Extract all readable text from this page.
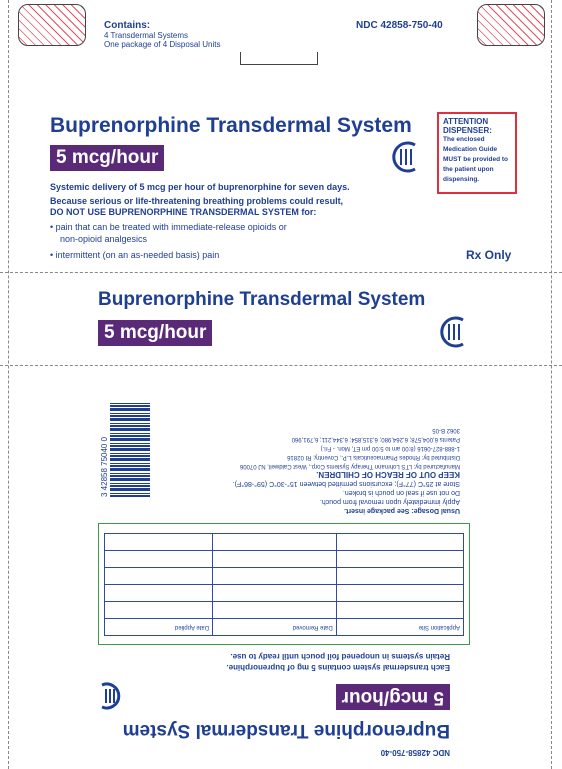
Contains:
4 Transdermal Systems
One package of 4 Disposal Units
NDC 42858-750-40
Buprenorphine Transdermal System
5 mcg/hour
ATTENTION
DISPENSER:
The enclosed Medication Guide MUST be provided to the patient upon dispensing.
Systemic delivery of 5 mcg per hour of buprenorphine for seven days.
Because serious or life-threatening breathing problems could result,
DO NOT USE BUPRENORPHINE TRANSDERMAL SYSTEM for:
• pain that can be treated with immediate-release opioids or
non-opioid analgesics
• intermittent (on an as-needed basis) pain	Rx Only
Buprenorphine Transdermal System
5 mcg/hour
NDC 42858-750-40
Buprenorphine Transdermal System
5 mcg/hour
Each transdermal system contains 5 mg of buprenorphine.
Retain systems in unopened foil pouch until ready to use.
Application Site	Date Removed	Date Applied

Usual Dosage: See package insert.
Apply immediately upon removal from pouch.
Do not use if seal on pouch is broken.
Store at 25°C (77°F); excursions permitted between 15°-30°C (59°-86°F).
KEEP OUT OF REACH OF CHILDREN.
Manufactured by: LTS Lohmann Therapy Systems Corp., West Caldwell, NJ 07006
Distributed by: Rhodes Pharmaceuticals L.P., Coventry, RI 02816
1-888-827-0616 (8:00 am to 5:00 pm ET, Mon. - Fri.)
Patents 6,004,578; 6,264,980; 6,315,854; 6,344,211; 6,791,960
3062 B-05
3 42858 75040 0
